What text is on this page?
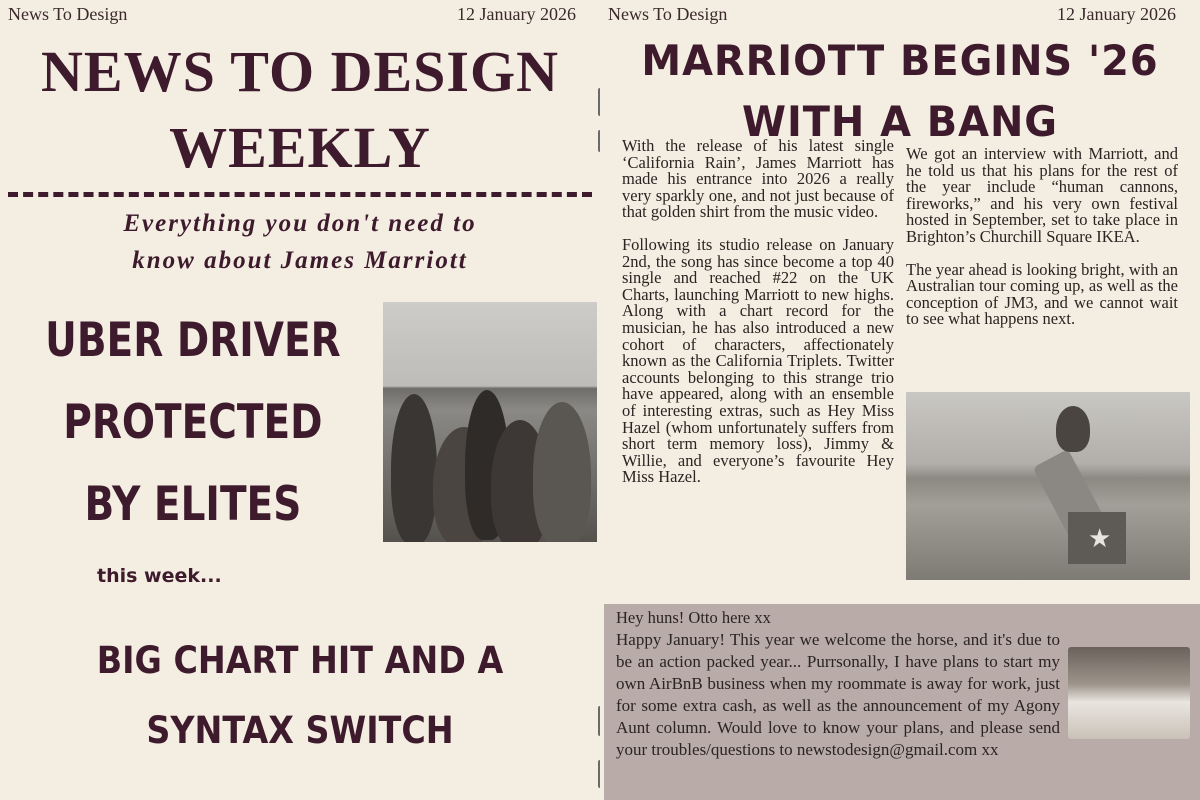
News To Design	12 January 2026
NEWS TO DESIGN
WEEKLY
Everything you don't need to
know about James Marriott
UBER DRIVER
PROTECTED
BY ELITES
this week...
BIG CHART HIT AND A
SYNTAX SWITCH
News To Design	12 January 2026
MARRIOTT BEGINS '26
WITH A BANG

With the release of his latest single ‘California Rain’, James Marriott has made his entrance into 2026 a really very sparkly one, and not just because of that golden shirt from the music video.

Following its studio release on January 2nd, the song has since become a top 40 single and reached #22 on the UK Charts, launching Marriott to new highs. Along with a chart record for the musician, he has also introduced a new cohort of characters, affectionately known as the California Triplets. Twitter accounts belonging to this strange trio have appeared, along with an ensemble of interesting extras, such as Hey Miss Hazel (whom unfortunately suffers from short term memory loss), Jimmy & Willie, and everyone’s favourite Hey Miss Hazel.

We got an interview with Marriott, and he told us that his plans for the rest of the year include “human cannons, fireworks,” and his very own festival hosted in September, set to take place in Brighton’s Churchill Square IKEA.

The year ahead is looking bright, with an Australian tour coming up, as well as the conception of JM3, and we cannot wait to see what happens next.

★
Hey huns! Otto here xx
Happy January! This year we welcome the horse, and it's due to be an action packed year... Purrsonally, I have plans to start my own AirBnB business when my roommate is away for work, just for some extra cash, as well as the announcement of my Agony Aunt column. Would love to know your plans, and please send your troubles/questions to newstodesign@gmail.com xx
